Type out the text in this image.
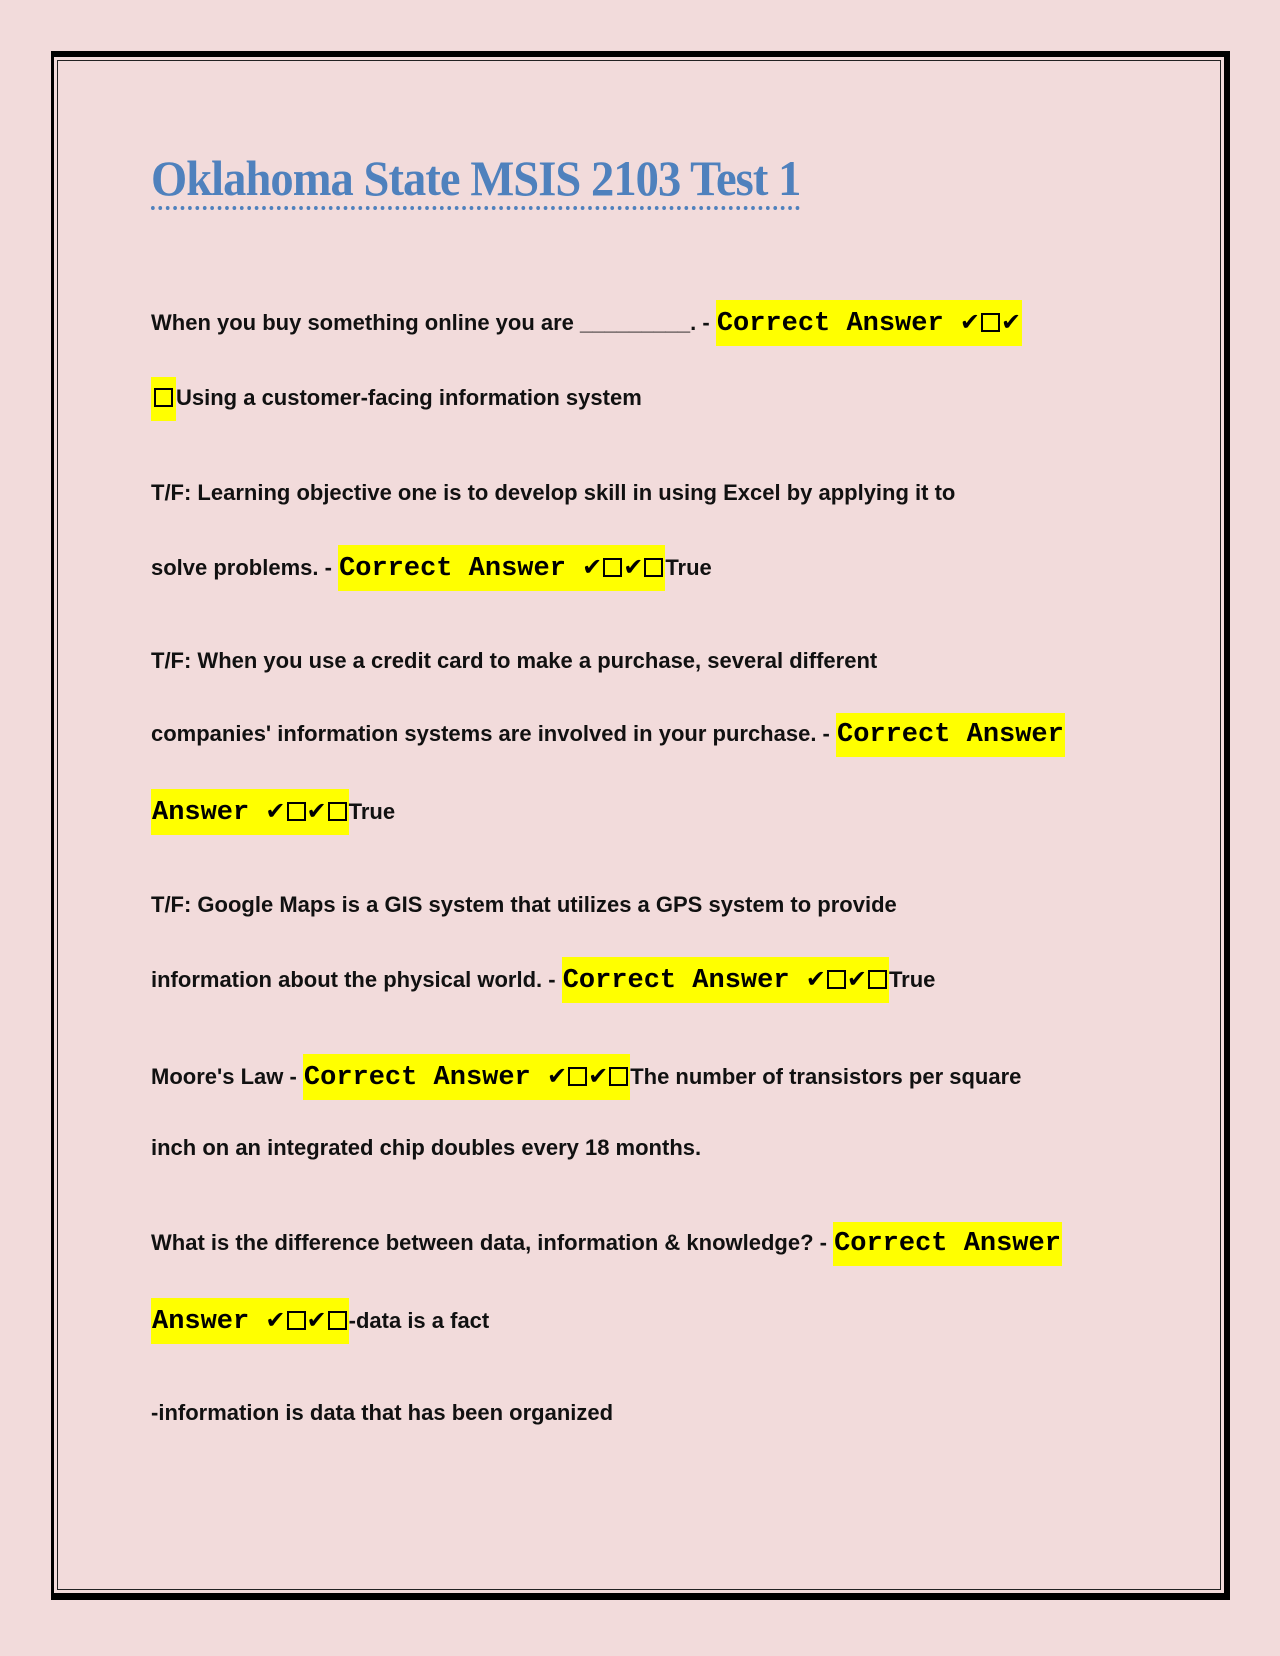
Oklahoma State MSIS 2103 Test 1
When you buy something online you are _________. - Correct Answer ✔ ✔
Using a customer-facing information system
T/F: Learning objective one is to develop skill in using Excel by applying it to
solve problems. - Correct Answer ✔ ✔ True
T/F: When you use a credit card to make a purchase, several different
companies' information systems are involved in your purchase. - Correct Answer
Answer ✔ ✔ True
T/F: Google Maps is a GIS system that utilizes a GPS system to provide
information about the physical world. - Correct Answer ✔ ✔ True
Moore's Law - Correct Answer ✔ ✔ The number of transistors per square
inch on an integrated chip doubles every 18 months.
What is the difference between data, information & knowledge? - Correct Answer
Answer ✔ ✔ -data is a fact
-information is data that has been organized
